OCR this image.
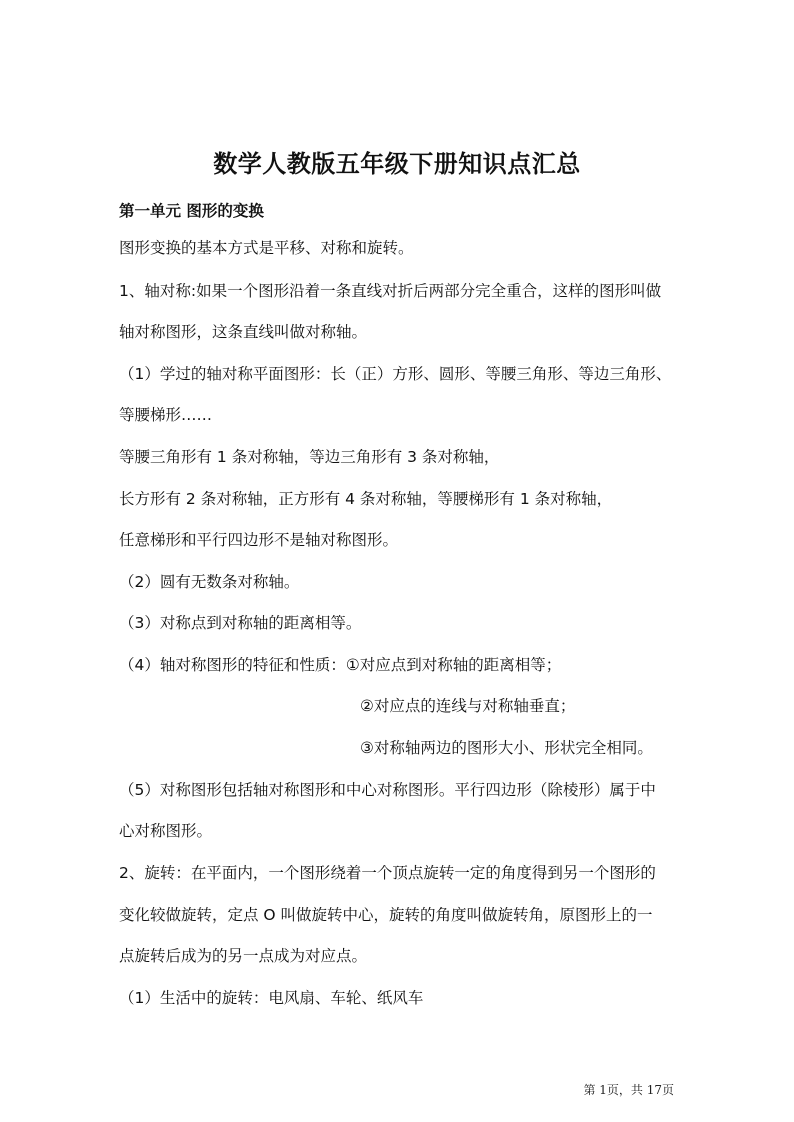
数学人教版五年级下册知识点汇总
第一单元 图形的变换
图形变换的基本方式是平移、对称和旋转。
1、轴对称:如果一个图形沿着一条直线对折后两部分完全重合，这样的图形叫做
轴对称图形，这条直线叫做对称轴。
（1）学过的轴对称平面图形：长（正）方形、圆形、等腰三角形、等边三角形、
等腰梯形……
等腰三角形有 1 条对称轴，等边三角形有 3 条对称轴，
长方形有 2 条对称轴，正方形有 4 条对称轴，等腰梯形有 1 条对称轴，
任意梯形和平行四边形不是轴对称图形。
（2）圆有无数条对称轴。
（3）对称点到对称轴的距离相等。
（4）轴对称图形的特征和性质：①对应点到对称轴的距离相等；
②对应点的连线与对称轴垂直；
③对称轴两边的图形大小、形状完全相同。
（5）对称图形包括轴对称图形和中心对称图形。平行四边形（除棱形）属于中
心对称图形。
2、旋转：在平面内，一个图形绕着一个顶点旋转一定的角度得到另一个图形的
变化较做旋转，定点 O 叫做旋转中心，旋转的角度叫做旋转角，原图形上的一
点旋转后成为的另一点成为对应点。
（1）生活中的旋转：电风扇、车轮、纸风车
第 1页，共 17页
